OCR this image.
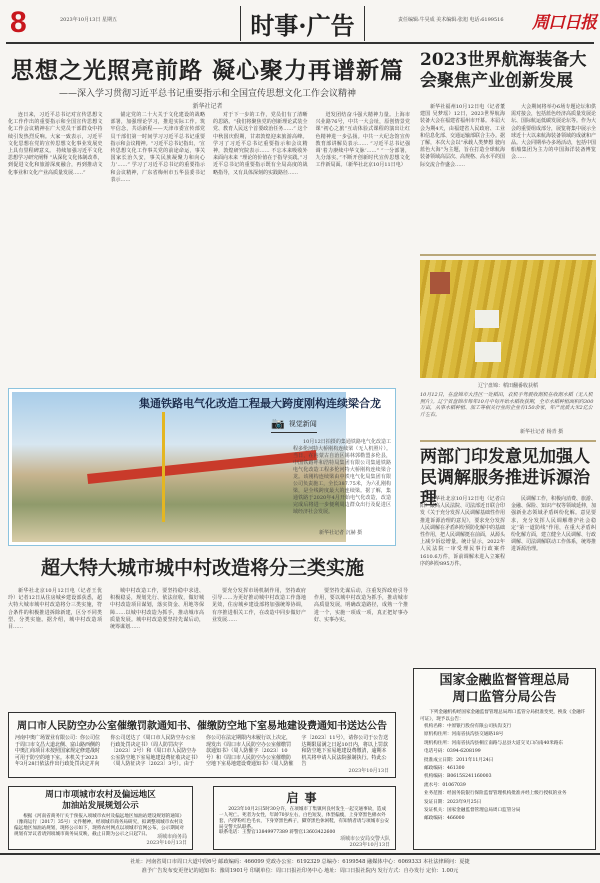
8	2023年10月13日 星期五	时事·广告	责任编辑:牛昊成 美术编辑:张旭 电话:6199516 周口日报
思想之光照亮前路 凝心聚力再谱新篇
——深入学习贯彻习近平总书记重要指示和全国宣传思想文化工作会议精神
新华社记者

连日来，习近平总书记对宣传思想文化工作作出的重要指示和全国宣传思想文化工作会议精神在广大党员干部群众中持续引发热烈反响。大家一致表示，习近平文化思想在党的宣传思想文化事业发展史上具有里程碑意义。 持续加强习近平文化思想学习研究阐释 “从深化文化体制改革，到促进文化和旅游深度融合，再到推动文化事业和文化产业高质量发展……”

锚定党的二十大关于文化建设的战略部署，加强理论学习，推进实际工作。筑牢信念，共话新程——天津市委宣传部党员干部们第一时间学习习近平总书记重要指示和会议精神。“习近平总书记指出，‘宣传思想文化工作事关党的前途命运，事关国家长治久安，事关民族凝聚力和向心力’……” 学习了习近平总书记的重要指示和会议精神，广东省梅州市五华县委书记表示……

对于下一步的工作，党员们有了清晰的思路。“我们将聚焦党的创新理论武装全党、教育人民这个首要政治任务……” 这个中秋国庆假期，甘肃敦煌迎来旅游高峰。学习了习近平总书记重要指示和会议精神，敦煌研究院表示…… 不忘本来吸收外来面向未来 “理论的价值在于指导实践。”习近平总书记的重要指示既有全局高度的战略指导，又有具体深刻的实践路径……

迸发团结奋斗强大精神力量。上海市兴业路76号，中共一大会址，原创情景党课“初心之旅”互动体验式课程的演出让红色精神进一步弘扬。中共一大纪念馆宣传教育部讲解员表示…… “习近平总书记强调‘着力赓续中华文脉’……” “一分部署，九分落实。”不断开创新时代宣传思想文化工作新局面。（新华社北京10月11日电）

集通铁路电气化改造工程最大跨度刚构连续梁合龙
📷 视觉新闻
10月12日拍摄的集通铁路电气化改造工程多伦河特大桥刚构连续梁（无人机照片）。 当日，在内蒙古自治区锡林郭勒盟多伦县，中国铁路呼和浩特局集团有限公司集通铁路电气化改造工程多伦河特大桥刚构连续梁合龙。该刚构连续梁由中铁电气化局集团有限公司负责施工，全长387.75米，为六孔刚构梁，是全线跨度最大的连续梁。据了解，集通铁路于2020年4月开始电气化改造，改造完成后将进一步便利周边群众出行及促进区域经济社会发展。
新华社记者 沉赫 摄
超大特大城市城中村改造将分三类实施

新华社北京10月12日电（记者王优玲）记者12日从住房城乡建设部获悉，超大特大城市城中村改造将分三类实施，符合条件的积极推进拆除新建，区分不同类型、分类实施。据介绍，城中村改造项目……

城中村改造工作，要坚持稳中求进、积极稳妥，规划先行、依法征收，做好城中村改造项目谋划，落实资金、用地等保障……以城中村改造为抓手，推动城市高质量发展。城中村改造要坚持先谋后动，统筹谋划……

要充分发挥市场机制作用，坚持政府引导……为更好推动城中村改造工作落地见效，住房城乡建设部将加强统筹协调，有序推进相关工作，在改造中同步做好产业发展……

要坚持先谋后动，注重发挥政府引导作用，要以城中村改造为抓手，推动城市高质量发展，明确改造路径，成熟一个推进一个，实施一项成一项，真正把好事办好、实事办实。

周口市人民防空办公室催缴罚款通知书、催缴防空地下室易地建设费通知书送达公告
河南中奥广场置业有限公司：你公司位于周口市文昌大道北侧、富山路西侧的中奥汇商项目未按照国家规定修建战时可用于防空的地下室。本机关于2023年3月28日依法作出行政处罚决定并向你公司送达了《周口市人民防空办公室行政处罚决定书》（周人防罚决字〔2023〕2号）和《周口市人民防空办公室防空地下室易地建设费征收决定书》（周人防征决字〔2023〕3号）。由于你公司在法定期限内未履行以上决定，现发出《周口市人民防空办公室催缴罚款通知书》（周人防催字〔2023〕10号）和《周口市人民防空办公室催缴防空地下室易地建设费通知书》（周人防催字〔2023〕11号），请你公司于公告送达期限届满之日起10日内，将以上罚款和防空地下室易地建设费缴清，逾期本机关将申请人民法院强制执行。特此公告
2023年10月13日
周口市项城市农村及偏远地区
加油站发展规划公示
根据《河南省商务厅关于预报入项城市农村及偏远地区加油站建设规划的通知》（豫商运行〔2017〕35号）文件精神，经项城市商务局研究，拟调整项城市农村及偏远地区加油站规划，现将公示如下，现将农村网点以项城市官网公布，公示期间对规划有异议者请到项城市商务局反映，截止日期为公示之日起7日。	项城市商务局
2023年10月13日
启事
2023年10月2日5时30分许，在项城市丁集镇何良村发生一起交通事故，造成一人死亡。死者为女性，年龄70岁左右，白色短发，体型偏瘦，上身穿黑色棉衣外套，内穿粉红色毛衣，下身穿黑色裤子，脚穿黑色休闲鞋，有知情者请与项城市公安局交警大队联系。
联系电话：王警官13849977389 蒋警官13603422600
项城市公安局交警大队
2023年10月13日
2023世界航海装备大会聚焦产业创新发展

新华社福州10月12日电（记者董建国 吴梦瑶）12日，2023世界航海装备大会在福建省福州市开幕。本届大会为期4天，由福建省人民政府、工业和信息化部、交通运输部联合主办。据了解，本次大会以“承载人类梦想 驶向蓝色大海”为主题，旨在打造全球航海装备领域高层次、高规格、高水平的国际交流合作盛会……

大会期间将举办6场专题论坛和供需对接会，包括蓝色经济高质量发展论坛、国际航运低碳发展论坛等。作为大会的重要组成部分，展览将集中展示全球近十大以来航海装备领域的成就和产品。大会同期举办多场活动，包括中国船舶集团为主力的中国海洋装备博览会……

辽宁盘锦：稻田翻番收获稻
10月12日，在盘锦市大洼区一处稻田，农机手驾驶收割机在收割水稻（无人机照片）。辽宁省盘锦市每年10月中旬开始水稻收获期，全市水稻种植面积约300万亩，从事水稻种植、加工等相关行业的企业有150余家，年产优质大米2亿公斤左右。
新华社记者 杨青 摄
两部门印发意见加强人民调解服务推进诉源治理

新华社北京10月12日电（记者白阳）最高人民法院、司法部近日联合印发《关于充分发挥人民调解基础性作用推进诉源治理的意见》，要求充分发挥人民调解在矛盾纠纷预防化解中的基础性作用，把人民调解挺在前面，从源头上减少诉讼增量。统计显示，2022年人民法院一审受理民事行政案件1610.6万件，诉前调解未进入立案程序的纠纷895万件。

民调解工作，积极向消费、旅游、金融、保险、知识产权等领域延伸，加强新业态领域矛盾纠纷化解。意见要求，充分发挥人民调解维护社会稳定“第一道防线”作用，在重大矛盾纠纷化解方面，建立健全人民调解、行政调解、司法调解联动工作体系，统筹推进诉源治理。

国家金融监督管理总局
周口监管分局公告
下列金融机构经国家金融监督管理总局周口监管分局批准变更，换发《金融许可证》，现予以公告：
机构名称：中原银行股份有限公司扶沟支行
原机构住所：河南省扶沟县交通路18号
现机构住所：河南省扶沟县桐丘南路与总县大道交叉口向南40米路东
电话号码：0394-6208199
批准成立日期：2011年11月24日
邮政编码：461300
机构编码：B0615S241160003
流水号：01067039
业务范围：经国务院银行保险监督管理机构批准并经上级行授权的业务
发证日期：2023年9月25日
发证机关：国家金融监督管理总局周口监管分局
邮政编码：466000
社址：河南省周口市周口大道中段6号 邮政编码：466099 党政办公室：6192329 总编办：6199548 融媒体中心：6069333 本社法律顾问：夏捷
准予广告发布变更登记的通知书：豫周1901号 印刷单位：周口日报社印务中心 地址：周口日报社院内 发行方式：自办发行 定价：1.00元
